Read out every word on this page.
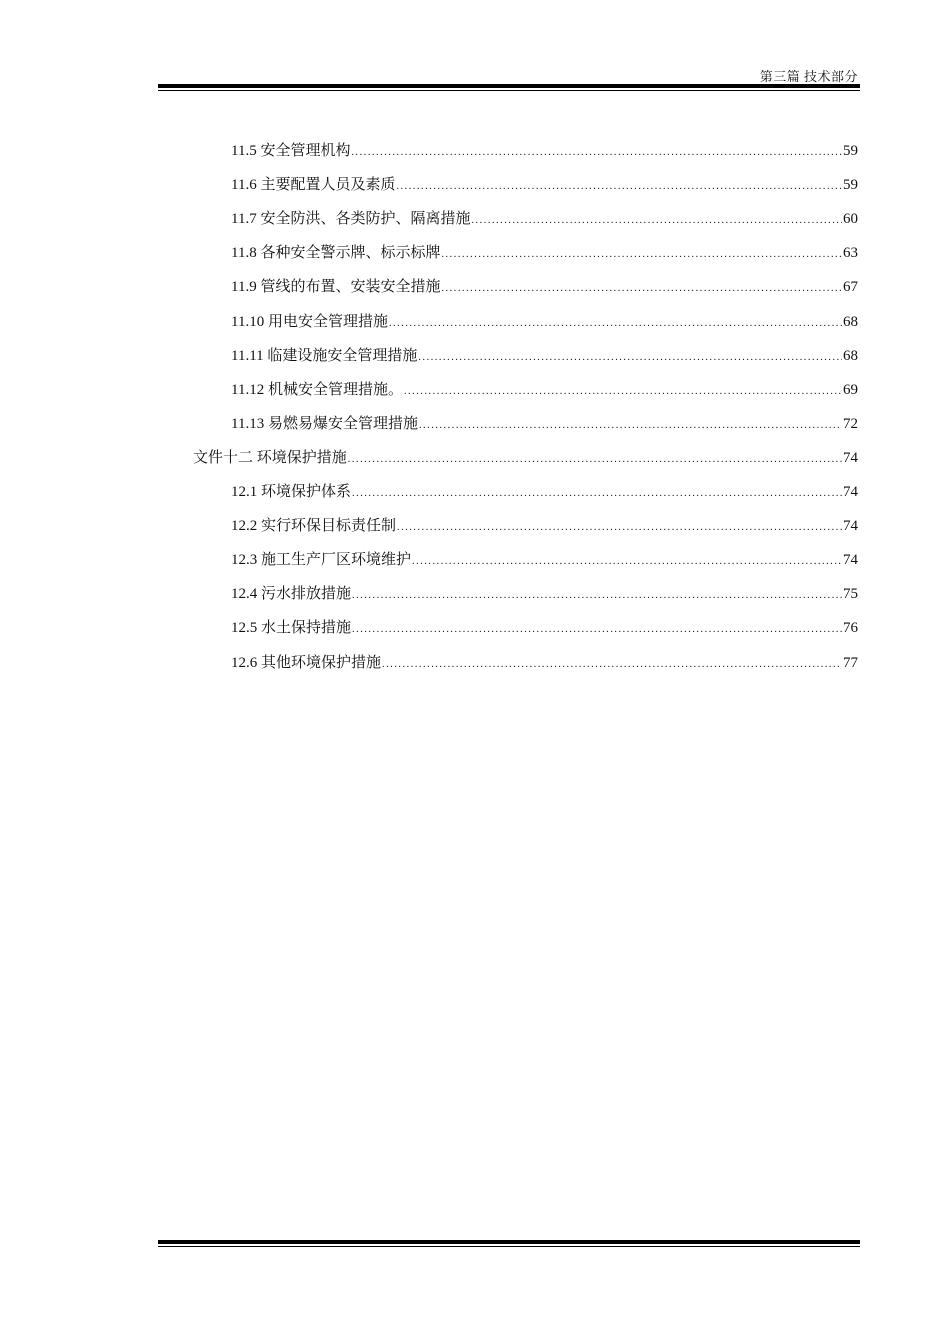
第三篇 技术部分
11.5 安全管理机构 .....	59
11.6 主要配置人员及素质 .....	59
11.7 安全防洪、各类防护、隔离措施 .....	60
11.8 各种安全警示牌、标示标牌 .....	63
11.9 管线的布置、安装安全措施 .....	67
11.10 用电安全管理措施 .....	68
11.11 临建设施安全管理措施 .....	68
11.12 机械安全管理措施。 .....	69
11.13 易燃易爆安全管理措施 .....	72
文件十二 环境保护措施 .....	74
12.1 环境保护体系 .....	74
12.2 实行环保目标责任制 .....	74
12.3 施工生产厂区环境维护 .....	74
12.4 污水排放措施 .....	75
12.5 水土保持措施 .....	76
12.6 其他环境保护措施 .....	77
